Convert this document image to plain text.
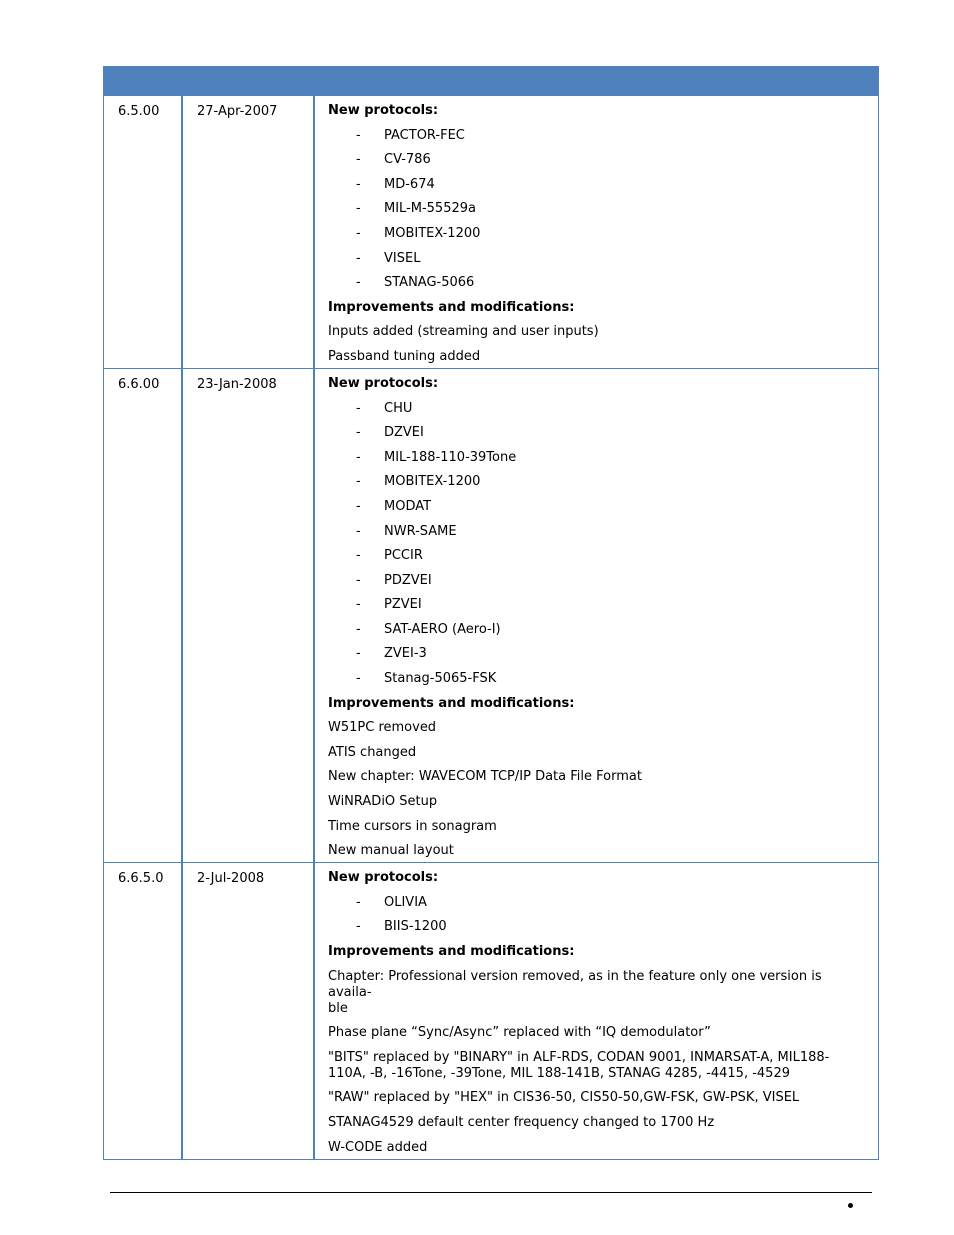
6.5.00	27-Apr-2007	New protocols:
- PACTOR-FEC
- CV-786
- MD-674
- MIL-M-55529a
- MOBITEX-1200
- VISEL
- STANAG-5066
Improvements and modifications:
Inputs added (streaming and user inputs)
Passband tuning added
6.6.00	23-Jan-2008	New protocols:
- CHU
- DZVEI
- MIL-188-110-39Tone
- MOBITEX-1200
- MODAT
- NWR-SAME
- PCCIR
- PDZVEI
- PZVEI
- SAT-AERO (Aero-I)
- ZVEI-3
- Stanag-5065-FSK
Improvements and modifications:
W51PC removed
ATIS changed
New chapter: WAVECOM TCP/IP Data File Format
WiNRADiO Setup
Time cursors in sonagram
New manual layout
6.6.5.0	2-Jul-2008	New protocols:
- OLIVIA
- BIIS-1200
Improvements and modifications:
Chapter: Professional version removed, as in the feature only one version is availa-
ble
Phase plane “Sync/Async” replaced with “IQ demodulator”
"BITS" replaced by "BINARY" in ALF-RDS, CODAN 9001, INMARSAT-A, MIL188-
110A, -B, -16Tone, -39Tone, MIL 188-141B, STANAG 4285, -4415, -4529
"RAW" replaced by "HEX" in CIS36-50, CIS50-50,GW-FSK, GW-PSK, VISEL
STANAG4529 default center frequency changed to 1700 Hz
W-CODE added
